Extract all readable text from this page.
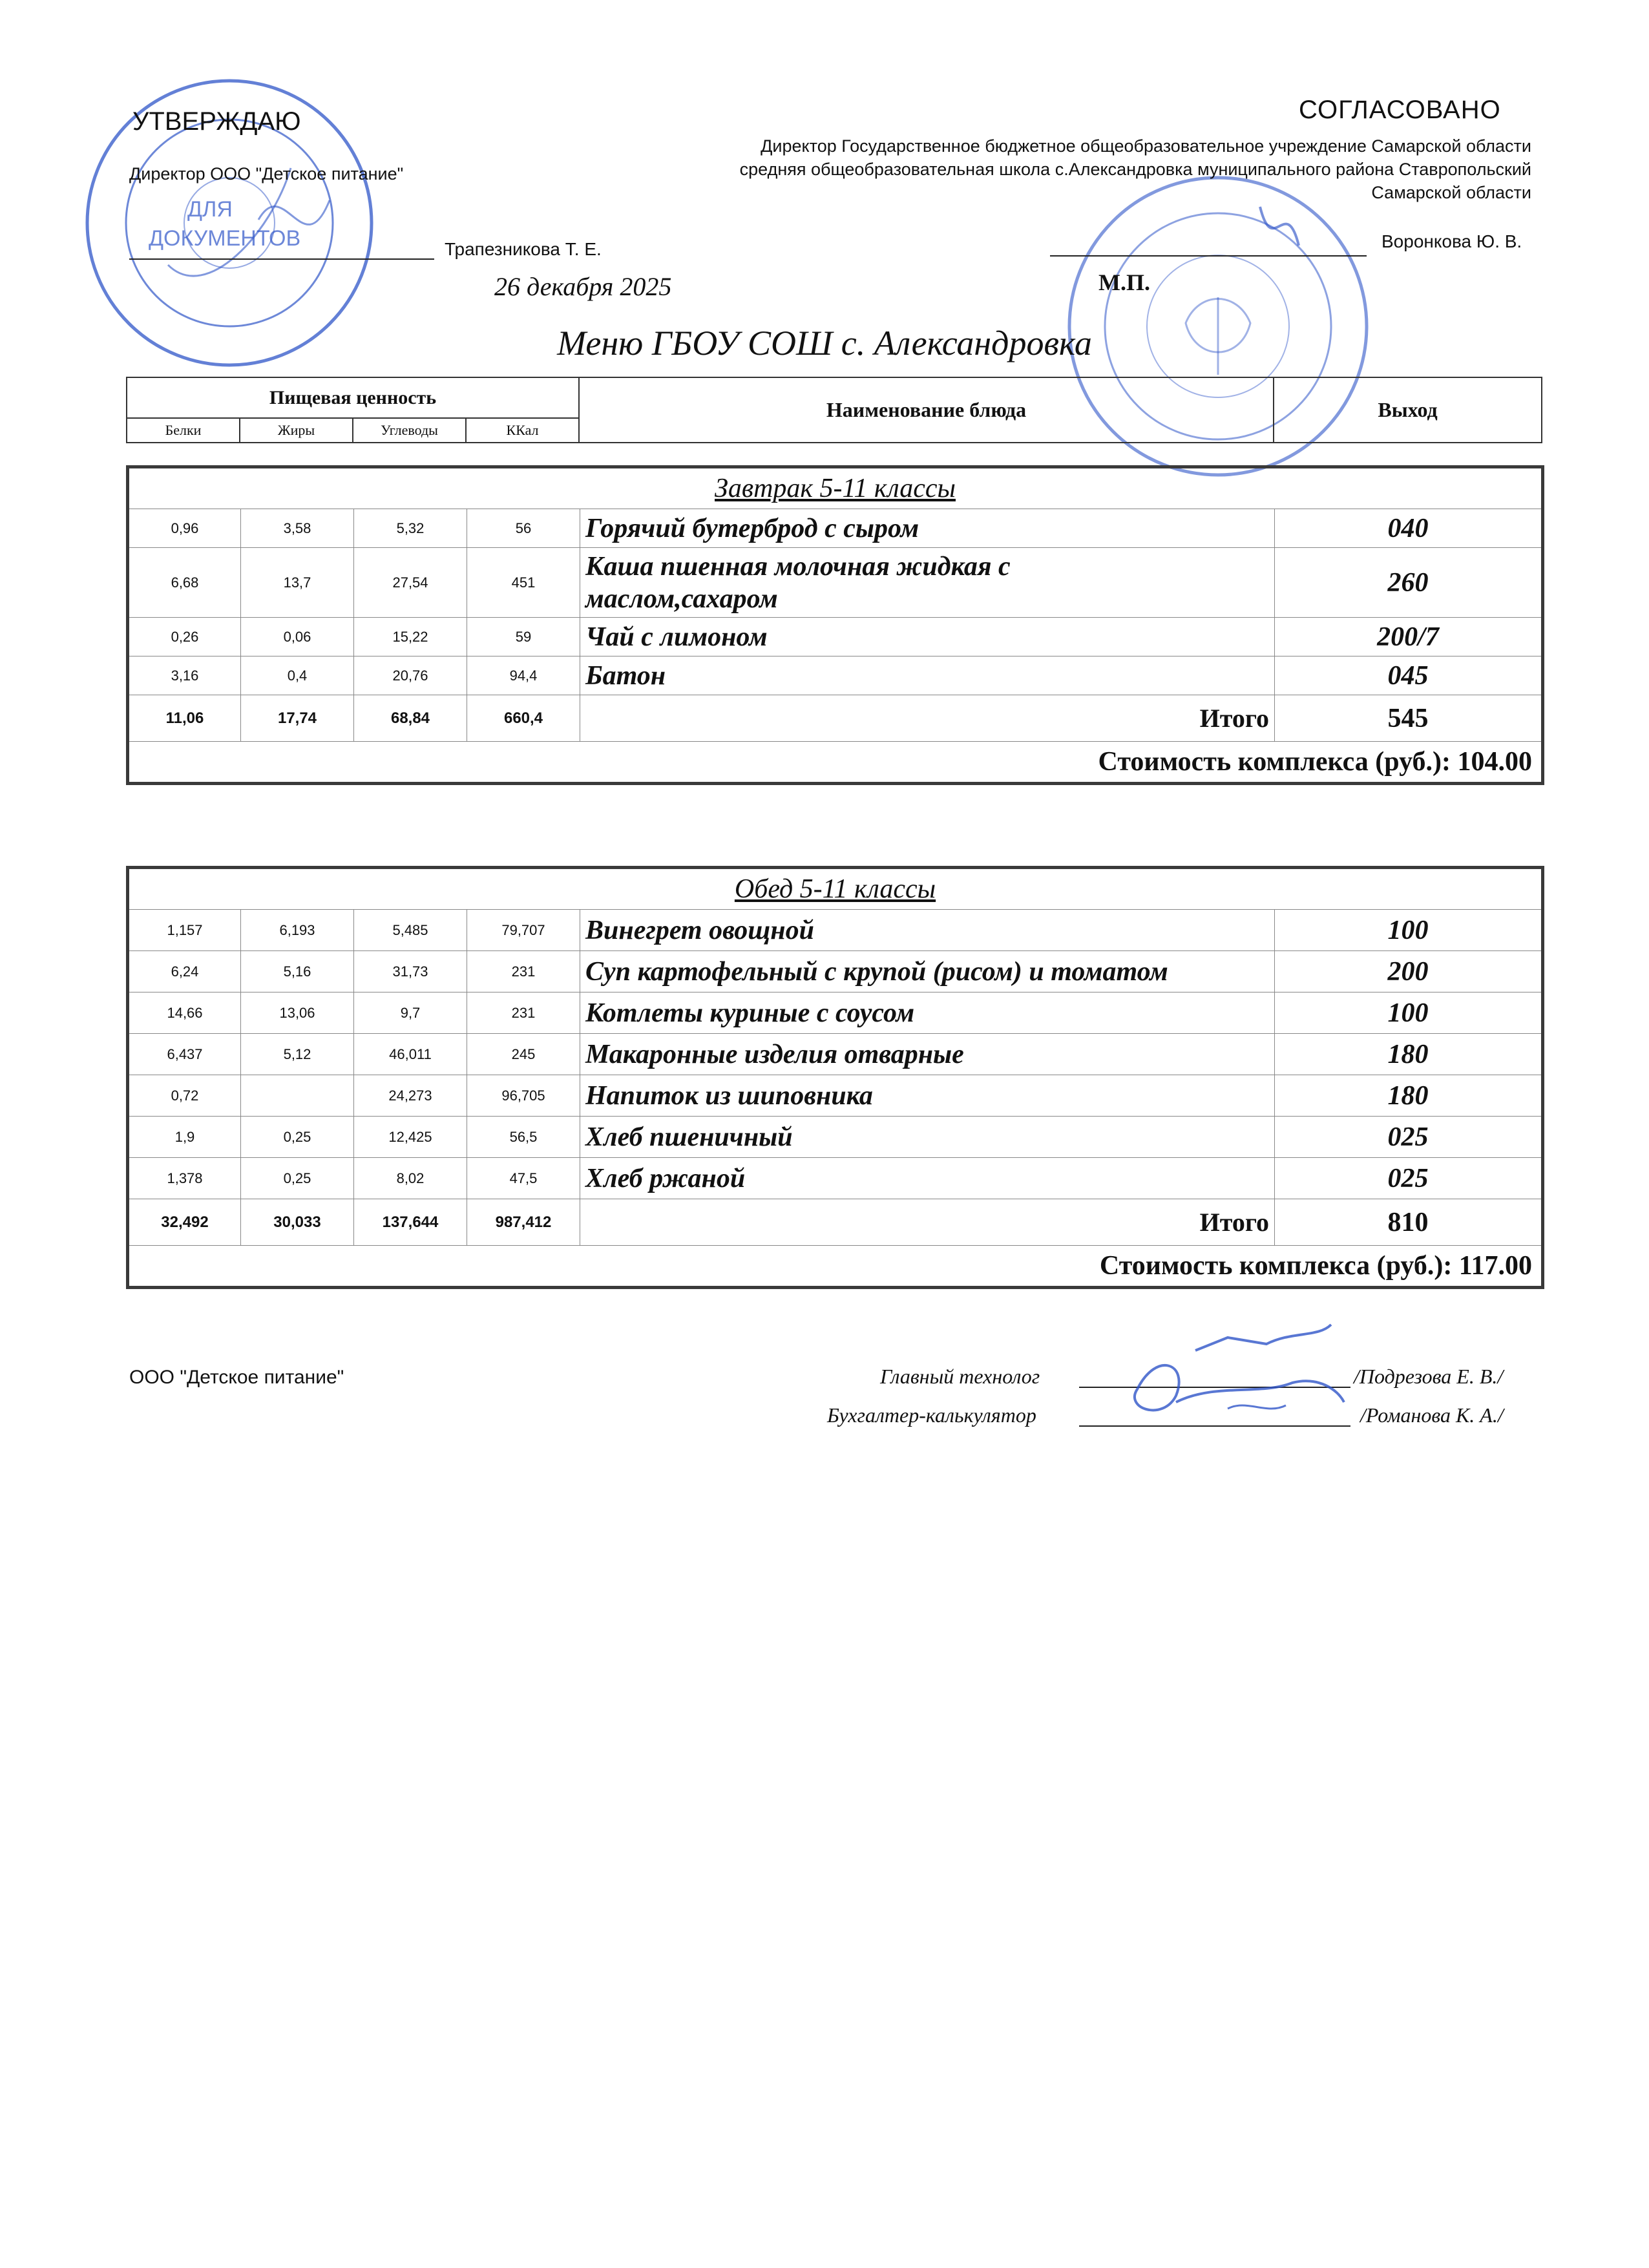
ДЛЯ
ДОКУМЕНТОВ
УТВЕРЖДАЮ
Директор ООО "Детское питание"
Трапезникова Т. Е.
26 декабря 2025
СОГЛАСОВАНО
Директор Государственное бюджетное общеобразовательное учреждение Самарской области средняя общеобразовательная школа с.Александровка муниципального района Ставропольский Самарской области
Воронкова Ю. В.
М.П.
Меню ГБОУ СОШ с. Александровка
Пищевая ценность				Наименование блюда	Выход
Белки	Жиры	Углеводы	ККал		
Завтрак 5-11 классы					
0,96	3,58	5,32	56	Горячий бутерброд с сыром	040
6,68	13,7	27,54	451	Каша пшенная молочная жидкая с маслом,сахаром	260
0,26	0,06	15,22	59	Чай с лимоном	200/7
3,16	0,4	20,76	94,4	Батон	045
11,06	17,74	68,84	660,4	Итого	545
Стоимость комплекса (руб.): 104.00					
Обед 5-11 классы					
1,157	6,193	5,485	79,707	Винегрет овощной	100
6,24	5,16	31,73	231	Суп картофельный с крупой (рисом) и томатом	200
14,66	13,06	9,7	231	Котлеты куриные с соусом	100
6,437	5,12	46,011	245	Макаронные изделия отварные	180
0,72		24,273	96,705	Напиток из шиповника	180
1,9	0,25	12,425	56,5	Хлеб пшеничный	025
1,378	0,25	8,02	47,5	Хлеб ржаной	025
32,492	30,033	137,644	987,412	Итого	810
Стоимость комплекса (руб.): 117.00					
ООО "Детское питание"	Главный технолог	/Подрезова Е. В./
Бухгалтер-калькулятор	/Романова К. А./
